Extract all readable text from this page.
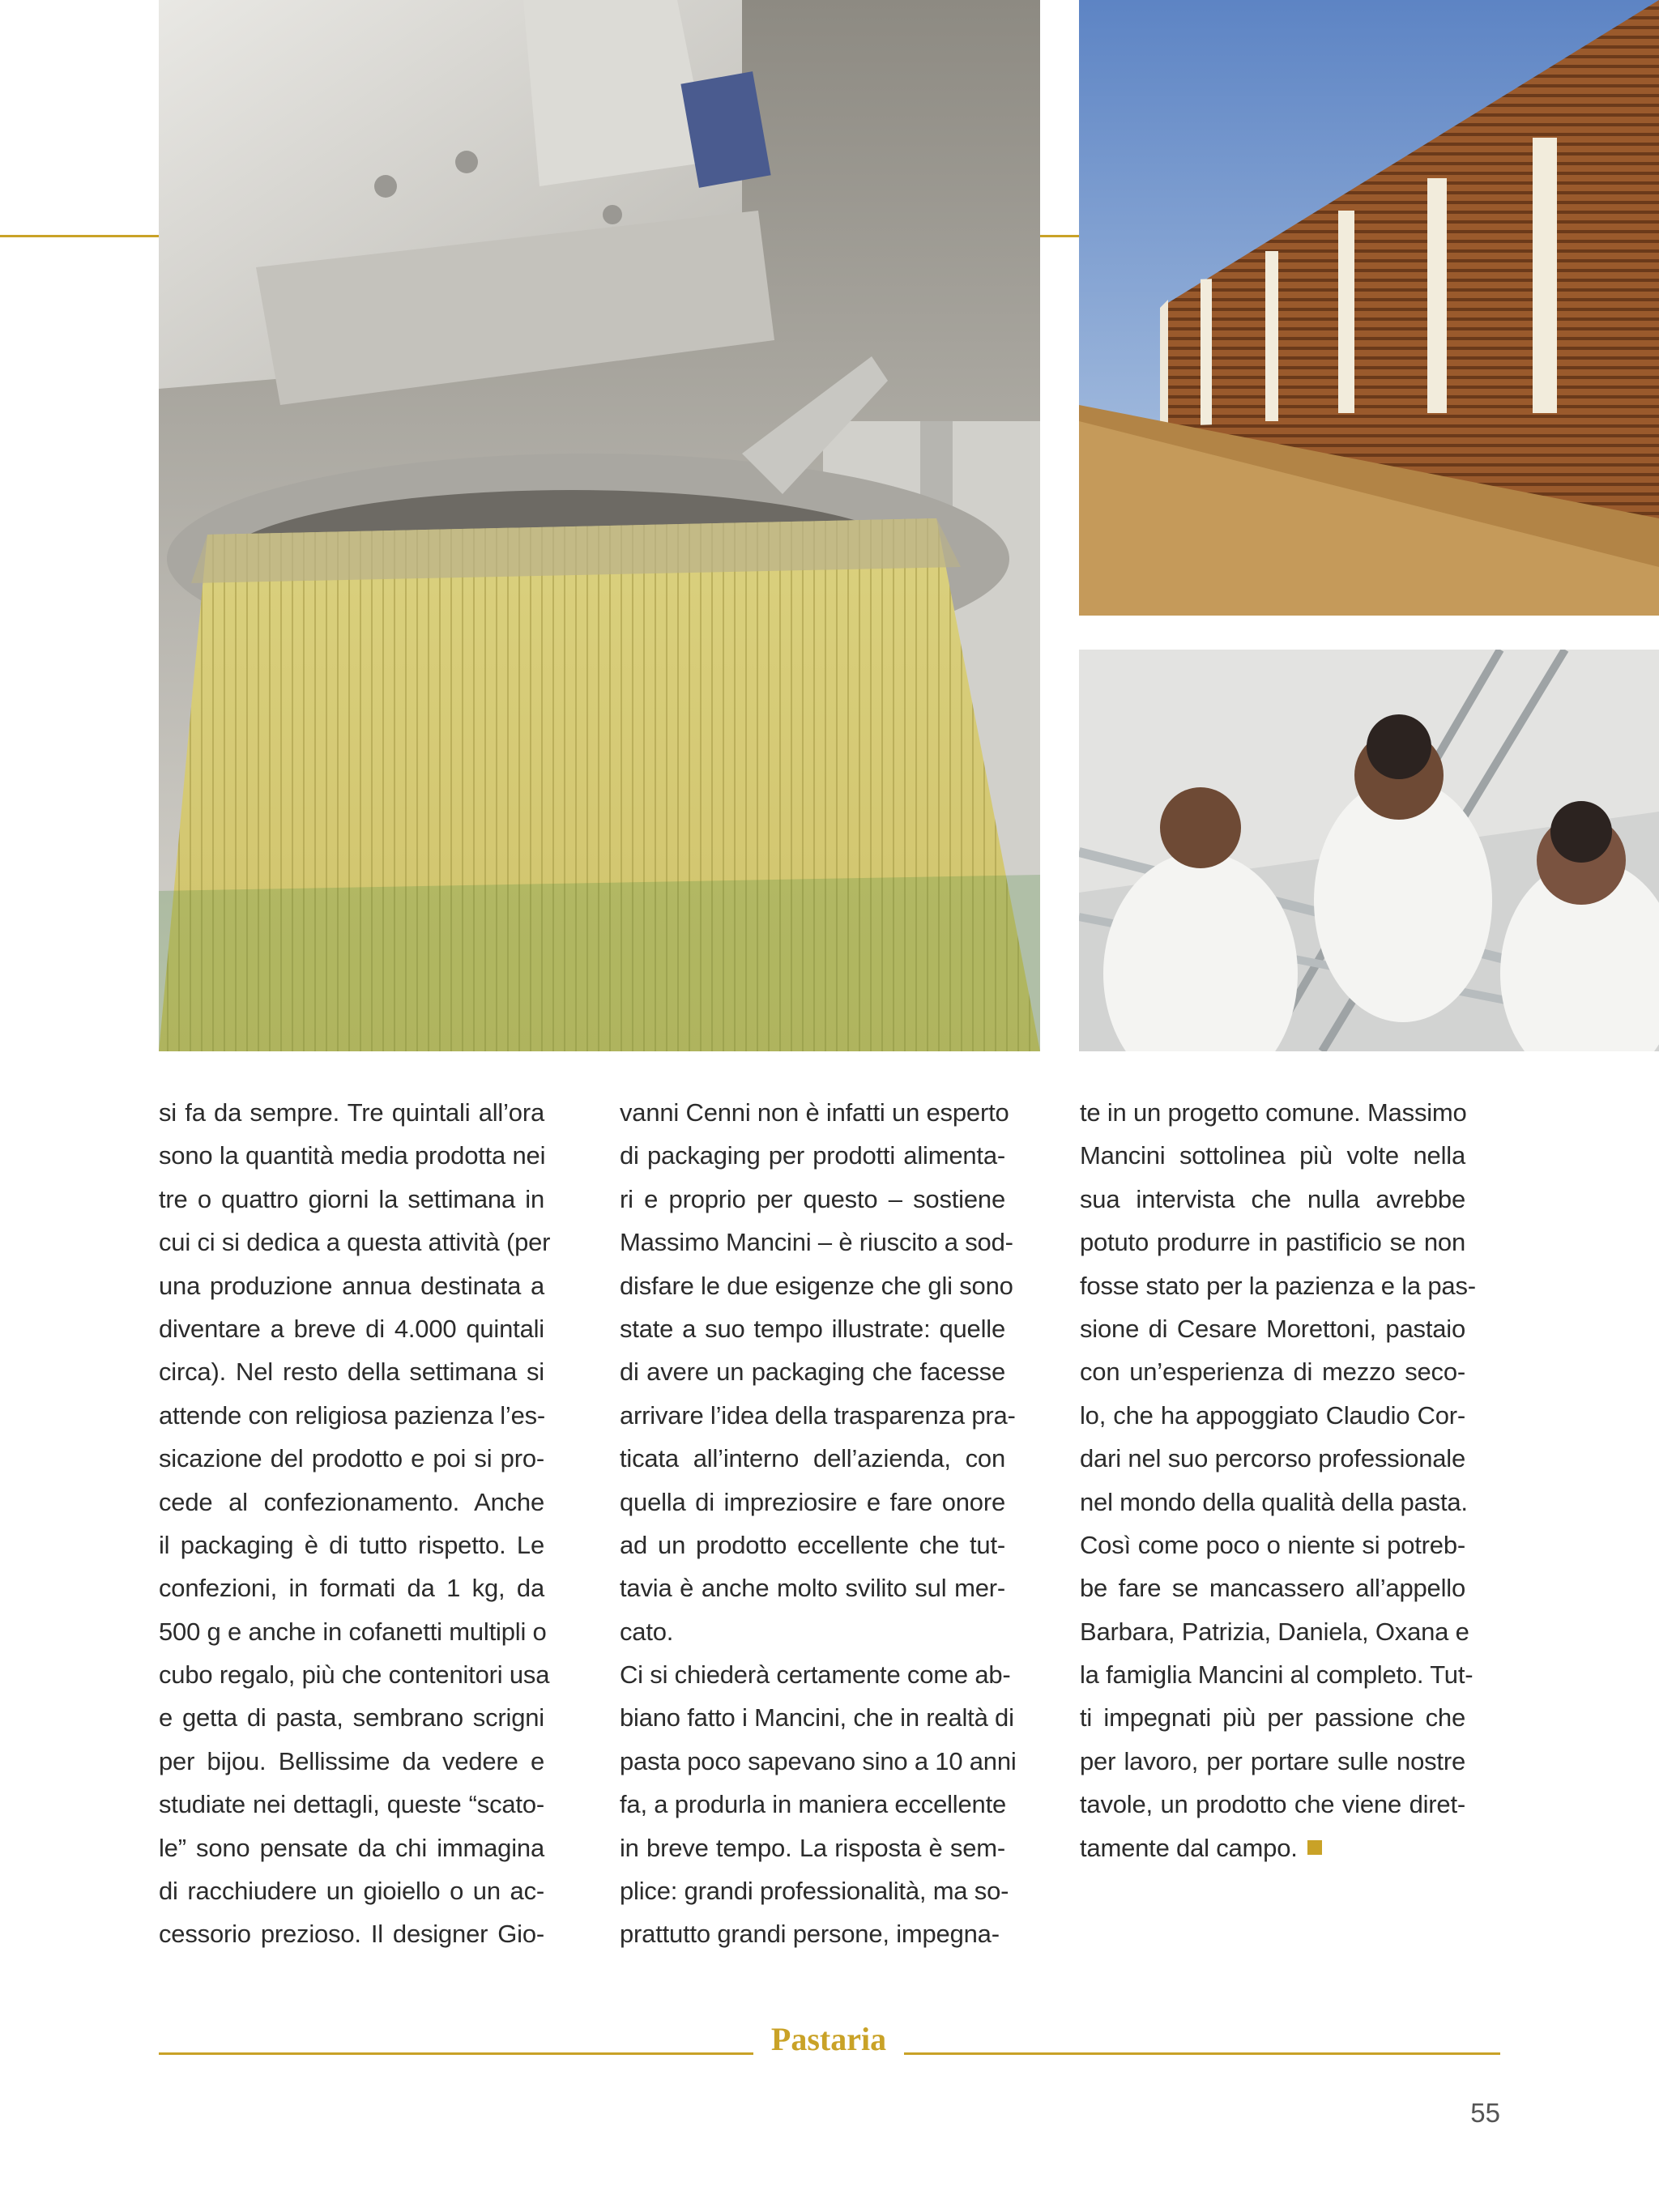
si fa da sempre. Tre quintali all’ora
sono la quantità media prodotta nei
tre o quattro giorni la settimana in
cui ci si dedica a questa attività (per
una produzione annua destinata a
diventare a breve di 4.000 quintali
circa). Nel resto della settimana si
attende con religiosa pazienza l’es-
sicazione del prodotto e poi si pro-
cede al confezionamento. Anche
il packaging è di tutto rispetto. Le
confezioni, in formati da 1 kg, da
500 g e anche in cofanetti multipli o
cubo regalo, più che contenitori usa
e getta di pasta, sembrano scrigni
per bijou. Bellissime da vedere e
studiate nei dettagli, queste “scato-
le” sono pensate da chi immagina
di racchiudere un gioiello o un ac-
cessorio prezioso. Il designer Gio-
vanni Cenni non è infatti un esperto
di packaging per prodotti alimenta-
ri e proprio per questo – sostiene
Massimo Mancini – è riuscito a sod-
disfare le due esigenze che gli sono
state a suo tempo illustrate: quelle
di avere un packaging che facesse
arrivare l’idea della trasparenza pra-
ticata all’interno dell’azienda, con
quella di impreziosire e fare onore
ad un prodotto eccellente che tut-
tavia è anche molto svilito sul mer-
cato.
Ci si chiederà certamente come ab-
biano fatto i Mancini, che in realtà di
pasta poco sapevano sino a 10 anni
fa, a produrla in maniera eccellente
in breve tempo. La risposta è sem-
plice: grandi professionalità, ma so-
prattutto grandi persone, impegna-
te in un progetto comune. Massimo
Mancini sottolinea più volte nella
sua intervista che nulla avrebbe
potuto produrre in pastificio se non
fosse stato per la pazienza e la pas-
sione di Cesare Morettoni, pastaio
con un’esperienza di mezzo seco-
lo, che ha appoggiato Claudio Cor-
dari nel suo percorso professionale
nel mondo della qualità della pasta.
Così come poco o niente si potreb-
be fare se mancassero all’appello
Barbara, Patrizia, Daniela, Oxana e
la famiglia Mancini al completo. Tut-
ti impegnati più per passione che
per lavoro, per portare sulle nostre
tavole, un prodotto che viene diret-
tamente dal campo.
Pastaria
55
